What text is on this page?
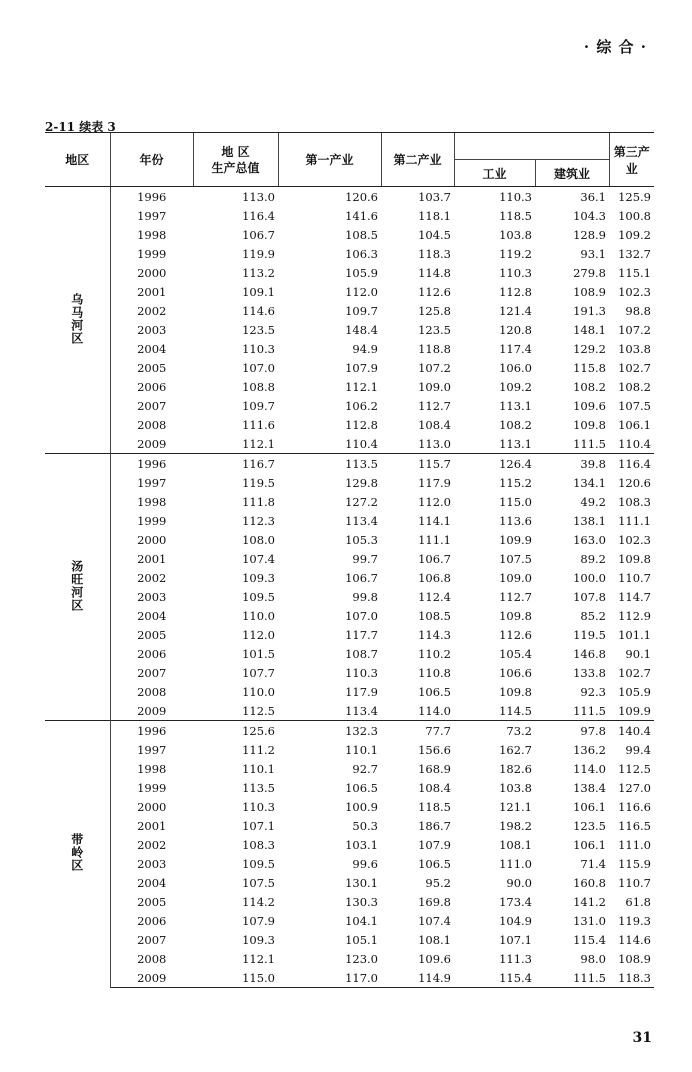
· 综 合 ·
2-11 续表 3
地区	年份	地 区
生产总值	第一产业	第二产业			第三产业
					工业	建筑业	
乌马河区	1996	113.0	120.6	103.7	110.3	36.1	125.9
	1997	116.4	141.6	118.1	118.5	104.3	100.8
	1998	106.7	108.5	104.5	103.8	128.9	109.2
	1999	119.9	106.3	118.3	119.2	93.1	132.7
	2000	113.2	105.9	114.8	110.3	279.8	115.1
	2001	109.1	112.0	112.6	112.8	108.9	102.3
	2002	114.6	109.7	125.8	121.4	191.3	98.8
	2003	123.5	148.4	123.5	120.8	148.1	107.2
	2004	110.3	94.9	118.8	117.4	129.2	103.8
	2005	107.0	107.9	107.2	106.0	115.8	102.7
	2006	108.8	112.1	109.0	109.2	108.2	108.2
	2007	109.7	106.2	112.7	113.1	109.6	107.5
	2008	111.6	112.8	108.4	108.2	109.8	106.1
	2009	112.1	110.4	113.0	113.1	111.5	110.4
汤旺河区	1996	116.7	113.5	115.7	126.4	39.8	116.4
	1997	119.5	129.8	117.9	115.2	134.1	120.6
	1998	111.8	127.2	112.0	115.0	49.2	108.3
	1999	112.3	113.4	114.1	113.6	138.1	111.1
	2000	108.0	105.3	111.1	109.9	163.0	102.3
	2001	107.4	99.7	106.7	107.5	89.2	109.8
	2002	109.3	106.7	106.8	109.0	100.0	110.7
	2003	109.5	99.8	112.4	112.7	107.8	114.7
	2004	110.0	107.0	108.5	109.8	85.2	112.9
	2005	112.0	117.7	114.3	112.6	119.5	101.1
	2006	101.5	108.7	110.2	105.4	146.8	90.1
	2007	107.7	110.3	110.8	106.6	133.8	102.7
	2008	110.0	117.9	106.5	109.8	92.3	105.9
	2009	112.5	113.4	114.0	114.5	111.5	109.9
带岭区	1996	125.6	132.3	77.7	73.2	97.8	140.4
	1997	111.2	110.1	156.6	162.7	136.2	99.4
	1998	110.1	92.7	168.9	182.6	114.0	112.5
	1999	113.5	106.5	108.4	103.8	138.4	127.0
	2000	110.3	100.9	118.5	121.1	106.1	116.6
	2001	107.1	50.3	186.7	198.2	123.5	116.5
	2002	108.3	103.1	107.9	108.1	106.1	111.0
	2003	109.5	99.6	106.5	111.0	71.4	115.9
	2004	107.5	130.1	95.2	90.0	160.8	110.7
	2005	114.2	130.3	169.8	173.4	141.2	61.8
	2006	107.9	104.1	107.4	104.9	131.0	119.3
	2007	109.3	105.1	108.1	107.1	115.4	114.6
	2008	112.1	123.0	109.6	111.3	98.0	108.9
	2009	115.0	117.0	114.9	115.4	111.5	118.3
31
